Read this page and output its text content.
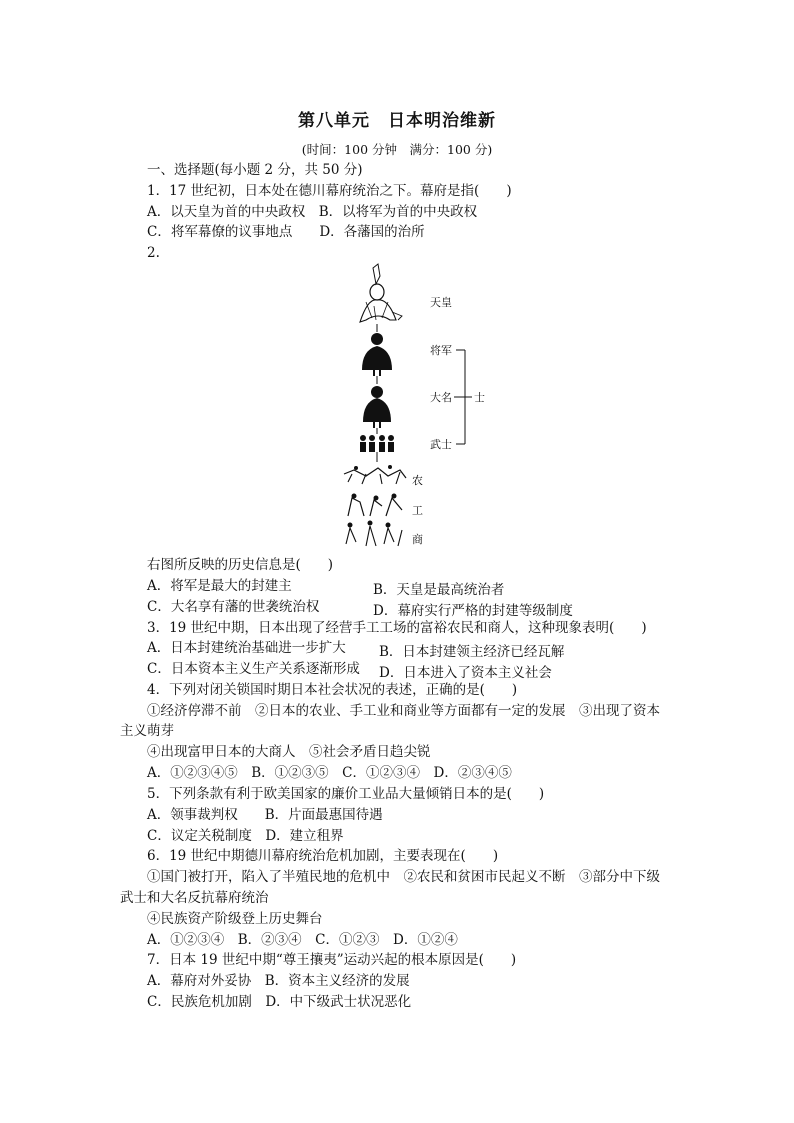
第八单元　日本明治维新
(时间：100 分钟　满分：100 分)
一、选择题(每小题 2 分，共 50 分)
1．17 世纪初，日本处在德川幕府统治之下。幕府是指(　　)
A．以天皇为首的中央政权　B．以将军为首的中央政权
C．将军幕僚的议事地点　　D．各藩国的治所
2.
天皇
将军
大名
武士
士
农
工
商
右图所反映的历史信息是(　　)
A．将军是最大的封建主	B．天皇是最高统治者
C．大名享有藩的世袭统治权	D．幕府实行严格的封建等级制度
3．19 世纪中期，日本出现了经营手工工场的富裕农民和商人，这种现象表明(　　)
A．日本封建统治基础进一步扩大 B．日本封建领主经济已经瓦解
C．日本资本主义生产关系逐渐形成 D．日本进入了资本主义社会
4．下列对闭关锁国时期日本社会状况的表述，正确的是(　　)
①经济停滞不前　②日本的农业、手工业和商业等方面都有一定的发展　③出现了资本
主义萌芽
④出现富甲日本的大商人　⑤社会矛盾日趋尖锐
A．①②③④⑤　B．①②③⑤　C．①②③④　D．②③④⑤
5．下列条款有利于欧美国家的廉价工业品大量倾销日本的是(　　)
A．领事裁判权　　B．片面最惠国待遇
C．议定关税制度　D．建立租界
6．19 世纪中期德川幕府统治危机加剧，主要表现在(　　)
①国门被打开，陷入了半殖民地的危机中　②农民和贫困市民起义不断　③部分中下级
武士和大名反抗幕府统治
④民族资产阶级登上历史舞台
A．①②③④　B．②③④　C．①②③　D．①②④
7．日本 19 世纪中期“尊王攘夷”运动兴起的根本原因是(　　)
A．幕府对外妥协　B．资本主义经济的发展
C．民族危机加剧　D．中下级武士状况恶化
